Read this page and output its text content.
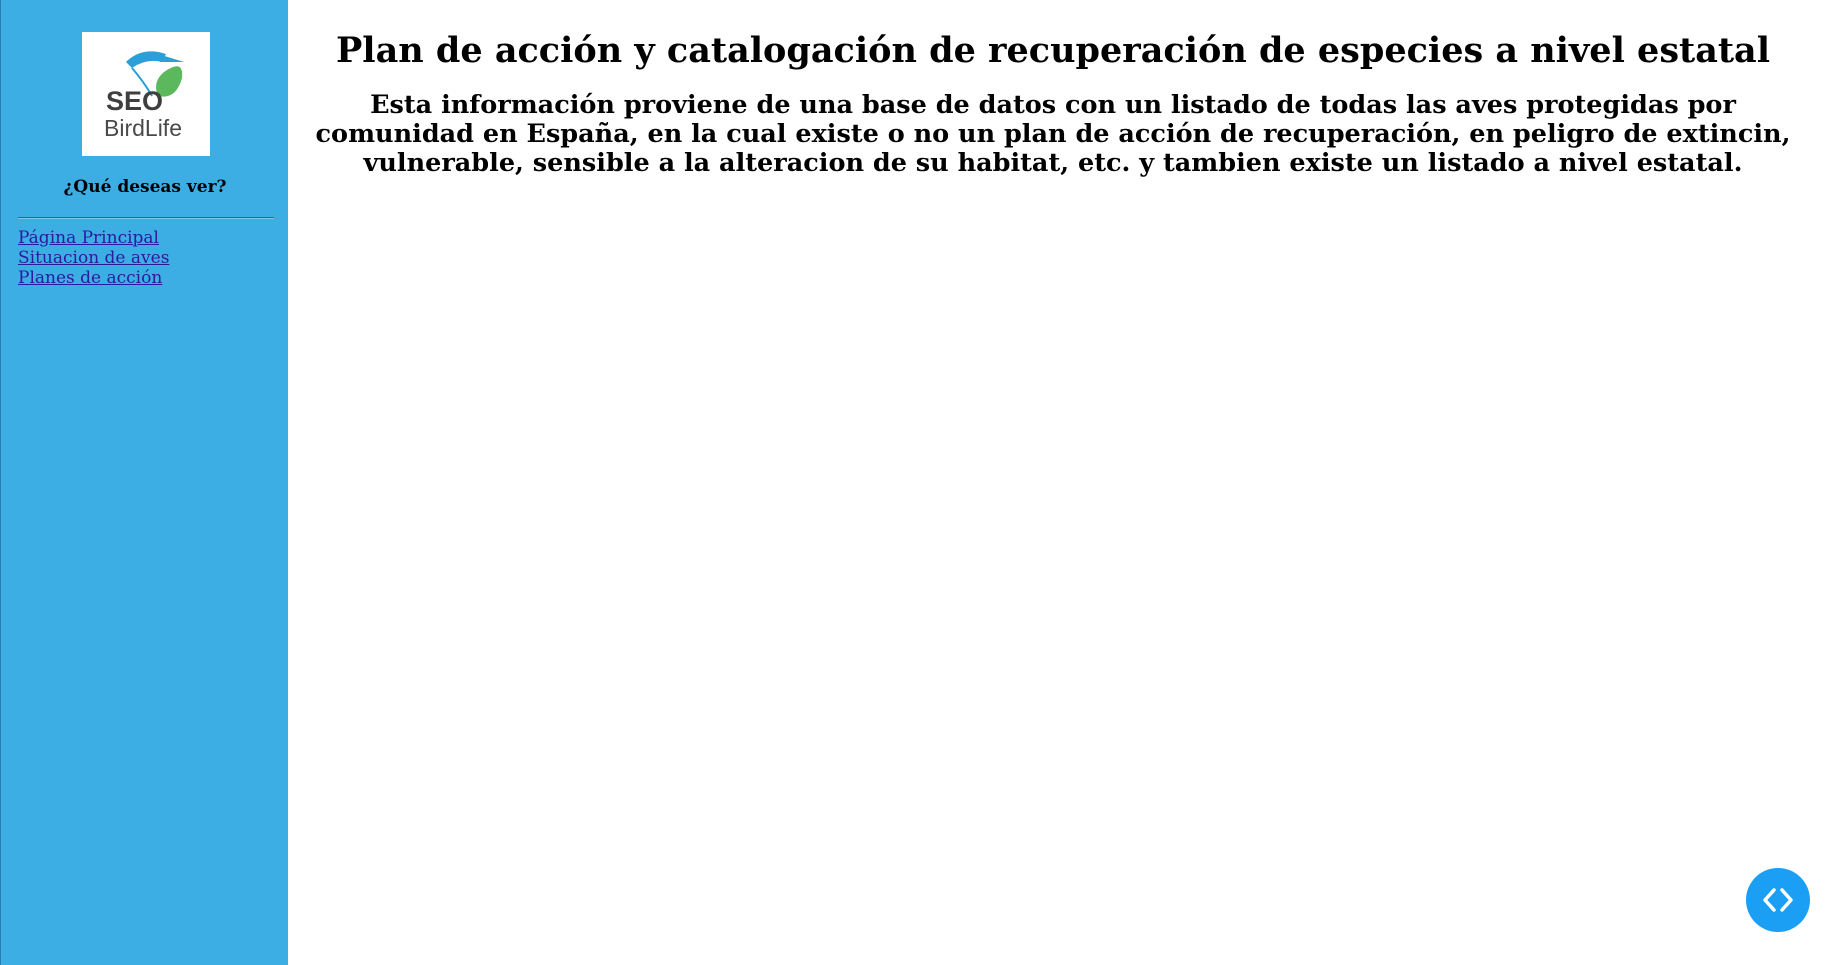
SEO
BirdLife
¿Qué deseas ver?
Página Principal
Situacion de aves
Planes de acción
Plan de acción y catalogación de recuperación de especies a nivel estatal

Esta información proviene de una base de datos con un listado de todas las aves protegidas por comunidad en España, en la cual existe o no un plan de acción de recuperación, en peligro de extincin, vulnerable, sensible a la alteracion de su habitat, etc. y tambien existe un listado a nivel estatal.
